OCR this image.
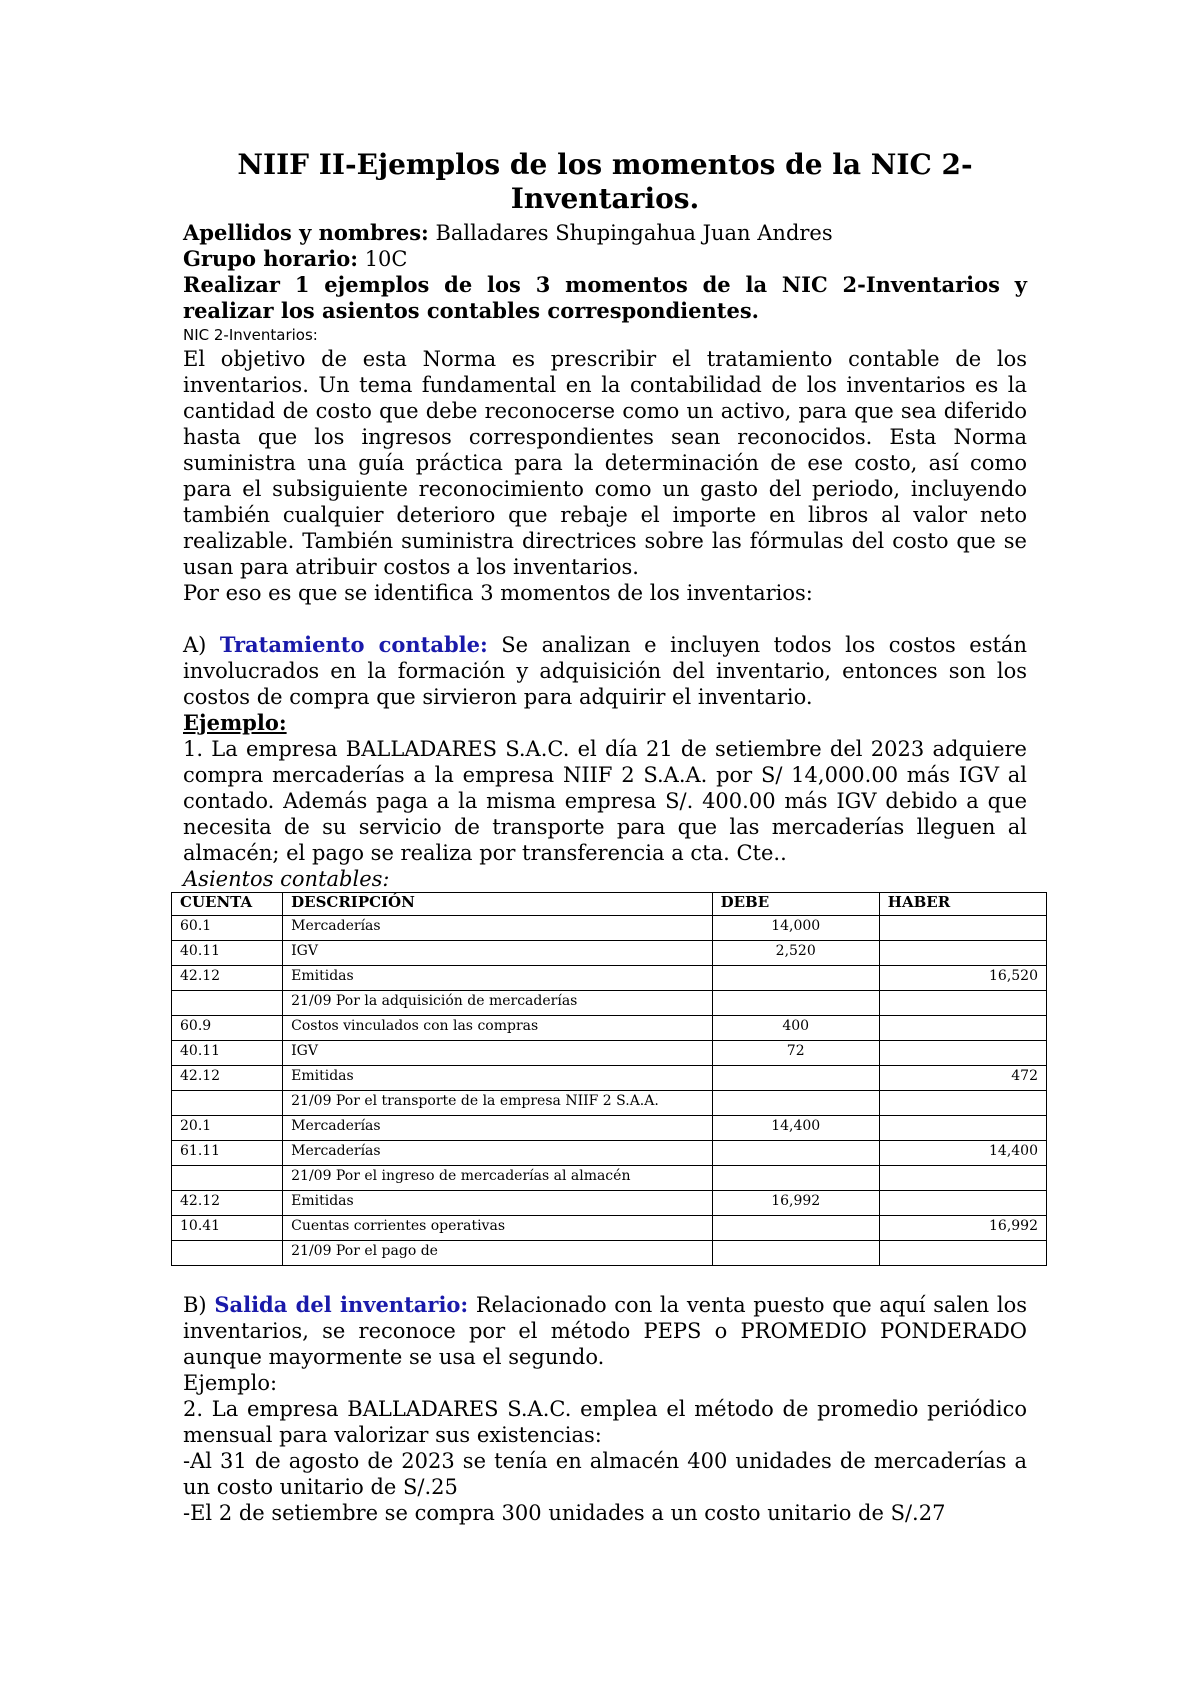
NIIF II-Ejemplos de los momentos de la NIC 2-
Inventarios.

Apellidos y nombres: Balladares Shupingahua Juan Andres

Grupo horario: 10C

Realizar 1 ejemplos de los 3 momentos de la NIC 2-Inventarios y realizar los asientos contables correspondientes.

NIC 2-Inventarios:

El objetivo de esta Norma es prescribir el tratamiento contable de los inventarios. Un tema fundamental en la contabilidad de los inventarios es la cantidad de costo que debe reconocerse como un activo, para que sea diferido hasta que los ingresos correspondientes sean reconocidos. Esta Norma suministra una guía práctica para la determinación de ese costo, así como para el subsiguiente reconocimiento como un gasto del periodo, incluyendo también cualquier deterioro que rebaje el importe en libros al valor neto realizable. También suministra directrices sobre las fórmulas del costo que se usan para atribuir costos a los inventarios.

Por eso es que se identifica 3 momentos de los inventarios:

A) Tratamiento contable: Se analizan e incluyen todos los costos están involucrados en la formación y adquisición del inventario, entonces son los costos de compra que sirvieron para adquirir el inventario.

Ejemplo:

1. La empresa BALLADARES S.A.C. el día 21 de setiembre del 2023 adquiere compra mercaderías a la empresa NIIF 2 S.A.A. por S/ 14,000.00 más IGV al contado. Además paga a la misma empresa S/. 400.00 más IGV debido a que necesita de su servicio de transporte para que las mercaderías lleguen al almacén; el pago se realiza por transferencia a cta. Cte..

Asientos contables:

CUENTA	DESCRIPCIÓN	DEBE	HABER
60.1	Mercaderías	14,000	
40.11	IGV	2,520	
42.12	Emitidas		16,520
	21/09 Por la adquisición de mercaderías		
60.9	Costos vinculados con las compras	400	
40.11	IGV	72	
42.12	Emitidas		472
	21/09 Por el transporte de la empresa NIIF 2 S.A.A.		
20.1	Mercaderías	14,400	
61.11	Mercaderías		14,400
	21/09 Por el ingreso de mercaderías al almacén		
42.12	Emitidas	16,992	
10.41	Cuentas corrientes operativas		16,992
	21/09 Por el pago de		

B) Salida del inventario: Relacionado con la venta puesto que aquí salen los inventarios, se reconoce por el método PEPS o PROMEDIO PONDERADO aunque mayormente se usa el segundo.

Ejemplo:

2. La empresa BALLADARES S.A.C. emplea el método de promedio periódico mensual para valorizar sus existencias:

-Al 31 de agosto de 2023 se tenía en almacén 400 unidades de mercaderías a un costo unitario de S/.25

-El 2 de setiembre se compra 300 unidades a un costo unitario de S/.27
